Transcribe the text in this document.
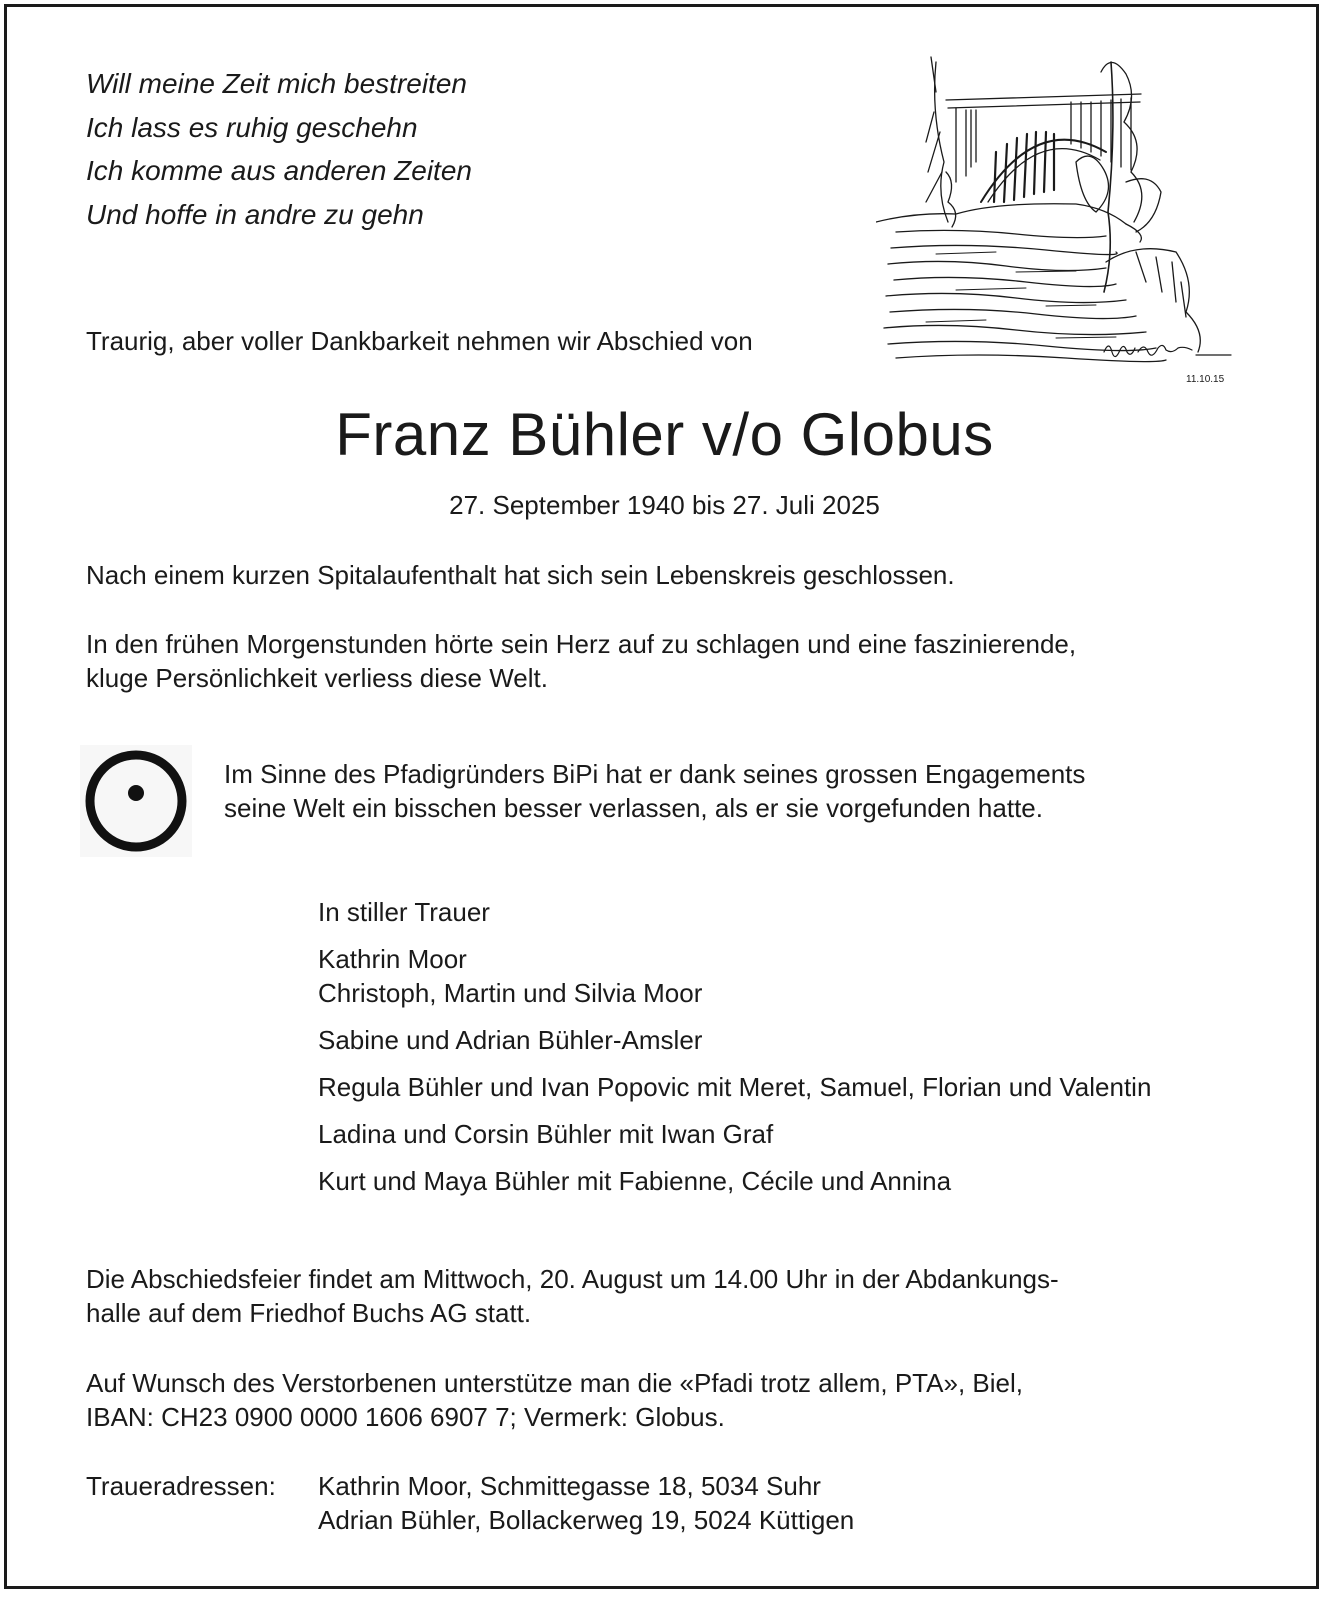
Will meine Zeit mich bestreiten
Ich lass es ruhig geschehn
Ich komme aus anderen Zeiten
Und hoffe in andre zu gehn
11.10.15
Traurig, aber voller Dankbarkeit nehmen wir Abschied von
Franz Bühler v/o Globus
27. September 1940 bis 27. Juli 2025
Nach einem kurzen Spitalaufenthalt hat sich sein Lebenskreis geschlossen.
In den frühen Morgenstunden hörte sein Herz auf zu schlagen und eine faszinierende,
kluge Persönlichkeit verliess diese Welt.
Im Sinne des Pfadigründers BiPi hat er dank seines grossen Engagements
seine Welt ein bisschen besser verlassen, als er sie vorgefunden hatte.
In stiller Trauer
Kathrin Moor
Christoph, Martin und Silvia Moor
Sabine und Adrian Bühler-Amsler
Regula Bühler und Ivan Popovic mit Meret, Samuel, Florian und Valentin
Ladina und Corsin Bühler mit Iwan Graf
Kurt und Maya Bühler mit Fabienne, Cécile und Annina
Die Abschiedsfeier findet am Mittwoch, 20. August um 14.00 Uhr in der Abdankungs-
halle auf dem Friedhof Buchs AG statt.
Auf Wunsch des Verstorbenen unterstütze man die «Pfadi trotz allem, PTA», Biel,
IBAN: CH23 0900 0000 1606 6907 7; Vermerk: Globus.
Traueradressen: Kathrin Moor, Schmittegasse 18, 5034 Suhr
Adrian Bühler, Bollackerweg 19, 5024 Küttigen
